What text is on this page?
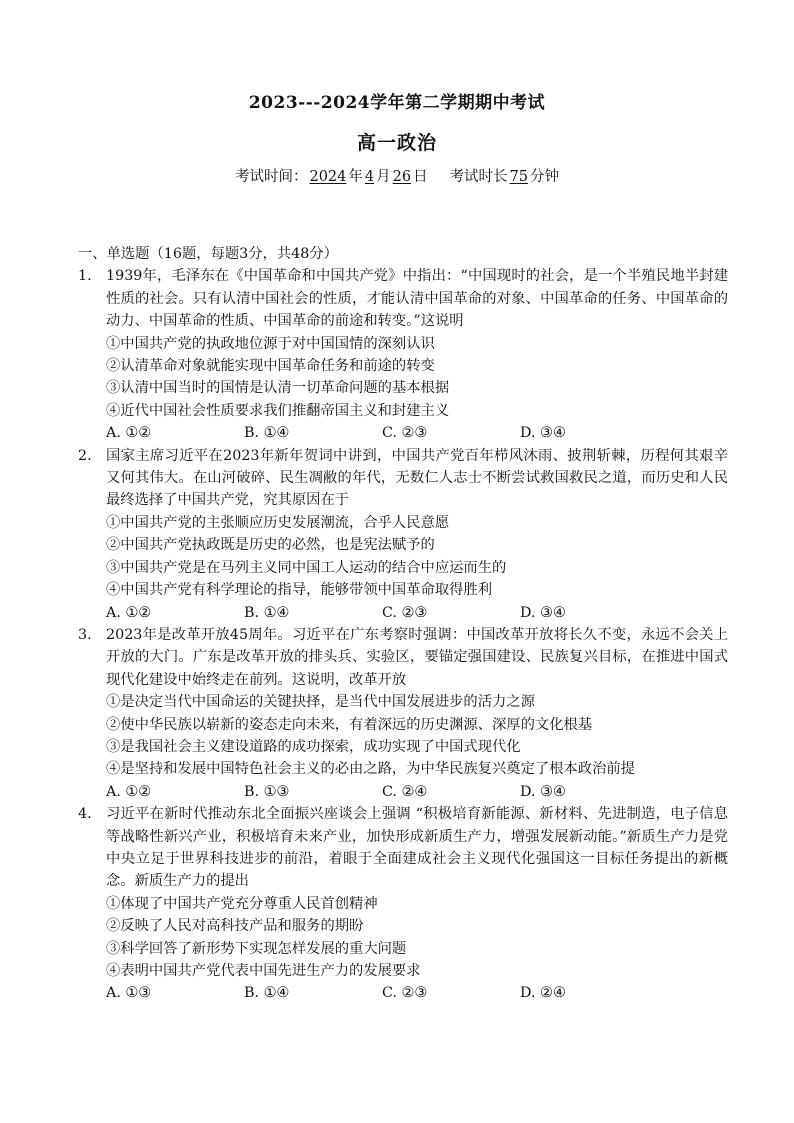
2023---2024学年第二学期期中考试
高一政治
考试时间： 2024 年 4 月 26 日 考试时长 75 分钟
一、单选题（16题，每题3分，共48分）
1. 1939年，毛泽东在《中国革命和中国共产党》中指出：“中国现时的社会，是一个半殖民地半封建性质的社会。只有认清中国社会的性质，才能认清中国革命的对象、中国革命的任务、中国革命的动力、中国革命的性质、中国革命的前途和转变。”这说明
①中国共产党的执政地位源于对中国国情的深刻认识
②认清革命对象就能实现中国革命任务和前途的转变
③认清中国当时的国情是认清一切革命问题的基本根据
④近代中国社会性质要求我们推翻帝国主义和封建主义
A. ①②	B. ①④	C. ②③	D. ③④
2. 国家主席习近平在2023年新年贺词中讲到，中国共产党百年栉风沐雨、披荆斩棘，历程何其艰辛又何其伟大。在山河破碎、民生凋敝的年代，无数仁人志士不断尝试救国救民之道，而历史和人民最终选择了中国共产党，究其原因在于
①中国共产党的主张顺应历史发展潮流，合乎人民意愿
②中国共产党执政既是历史的必然，也是宪法赋予的
③中国共产党是在马列主义同中国工人运动的结合中应运而生的
④中国共产党有科学理论的指导，能够带领中国革命取得胜利
A. ①②	B. ①④	C. ②③	D. ③④
3. 2023年是改革开放45周年。习近平在广东考察时强调：中国改革开放将长久不变，永远不会关上开放的大门。广东是改革开放的排头兵、实验区，要锚定强国建设、民族复兴目标，在推进中国式现代化建设中始终走在前列。这说明，改革开放
①是决定当代中国命运的关键抉择，是当代中国发展进步的活力之源
②使中华民族以崭新的姿态走向未来，有着深远的历史渊源、深厚的文化根基
③是我国社会主义建设道路的成功探索，成功实现了中国式现代化
④是坚持和发展中国特色社会主义的必由之路，为中华民族复兴奠定了根本政治前提
A. ①②	B. ①③	C. ②④	D. ③④
4. 习近平在新时代推动东北全面振兴座谈会上强调 “积极培育新能源、新材料、先进制造，电子信息等战略性新兴产业，积极培育未来产业，加快形成新质生产力，增强发展新动能。”新质生产力是党中央立足于世界科技进步的前沿，着眼于全面建成社会主义现代化强国这一目标任务提出的新概念。新质生产力的提出
①体现了中国共产党充分尊重人民首创精神
②反映了人民对高科技产品和服务的期盼
③科学回答了新形势下实现怎样发展的重大问题
④表明中国共产党代表中国先进生产力的发展要求
A. ①③	B. ①④	C. ②③	D. ②④
